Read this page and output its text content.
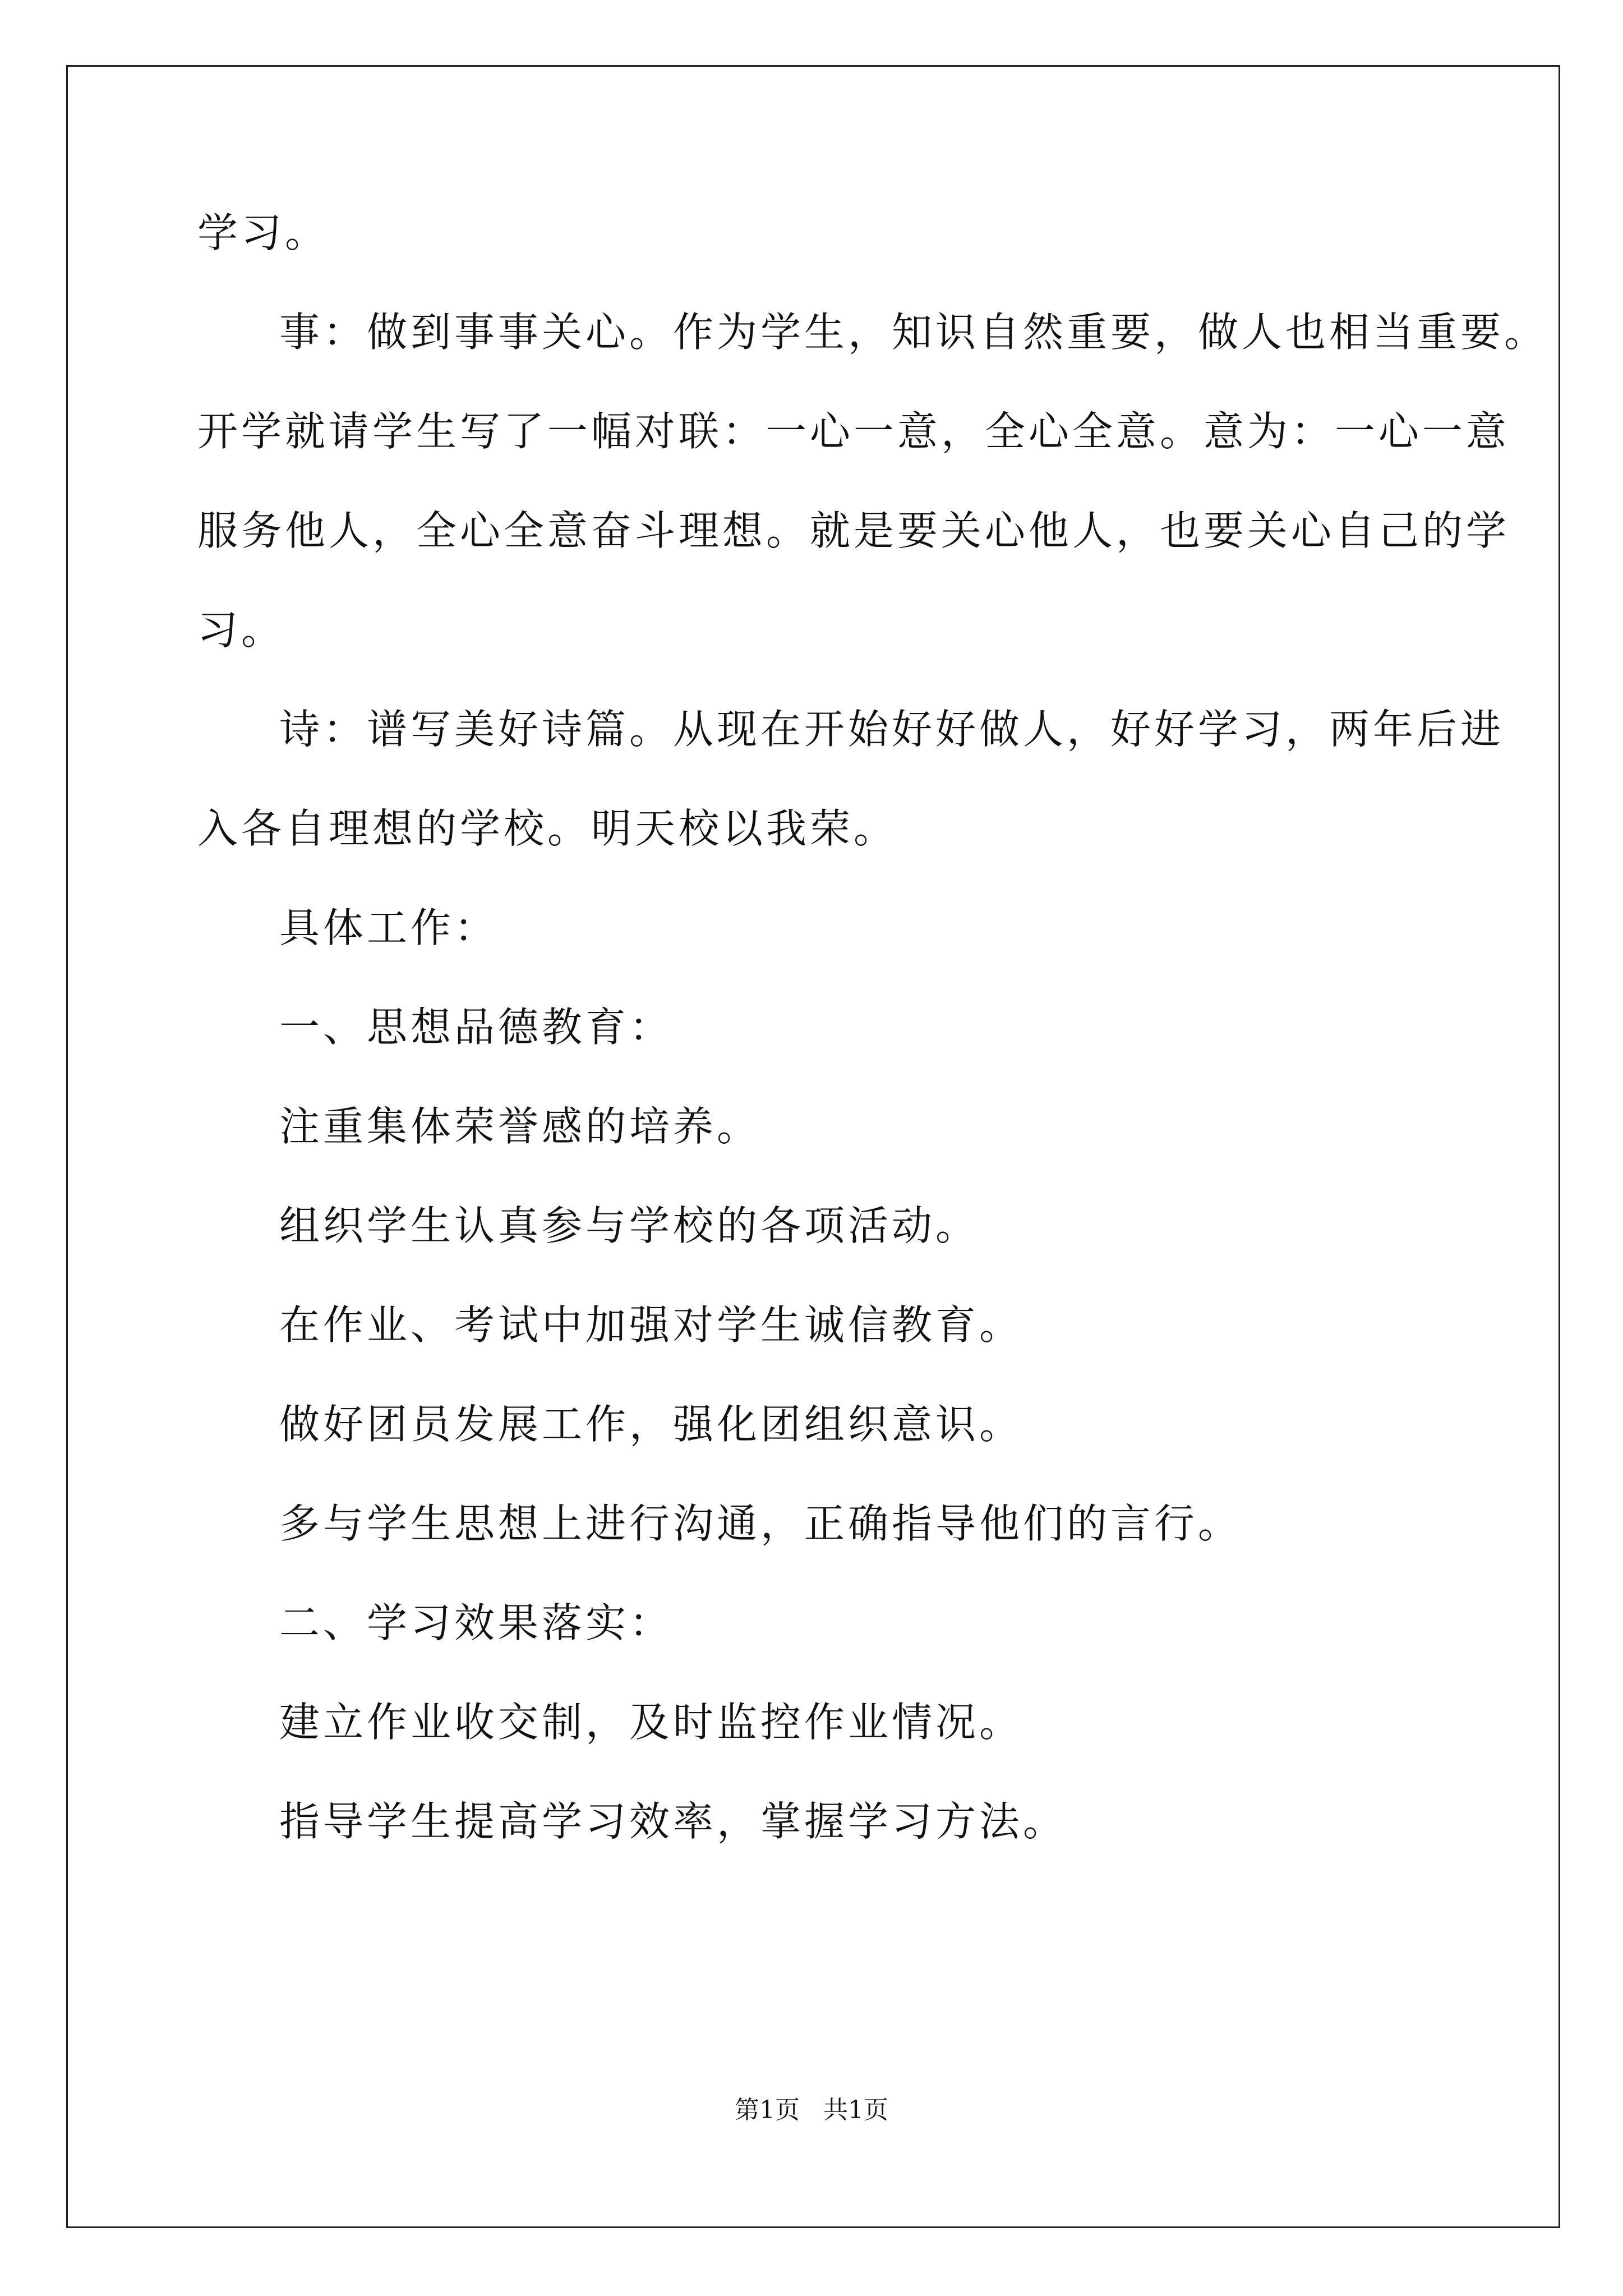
学习。
事：做到事事关心。作为学生，知识自然重要，做人也相当重要。
开学就请学生写了一幅对联：一心一意，全心全意。意为：一心一意
服务他人，全心全意奋斗理想。就是要关心他人，也要关心自己的学
习。
诗：谱写美好诗篇。从现在开始好好做人，好好学习，两年后进
入各自理想的学校。明天校以我荣。
具体工作：
一、思想品德教育：
注重集体荣誉感的培养。
组织学生认真参与学校的各项活动。
在作业、考试中加强对学生诚信教育。
做好团员发展工作，强化团组织意识。
多与学生思想上进行沟通，正确指导他们的言行。
二、学习效果落实：
建立作业收交制，及时监控作业情况。
指导学生提高学习效率，掌握学习方法。
第1页 共1页
